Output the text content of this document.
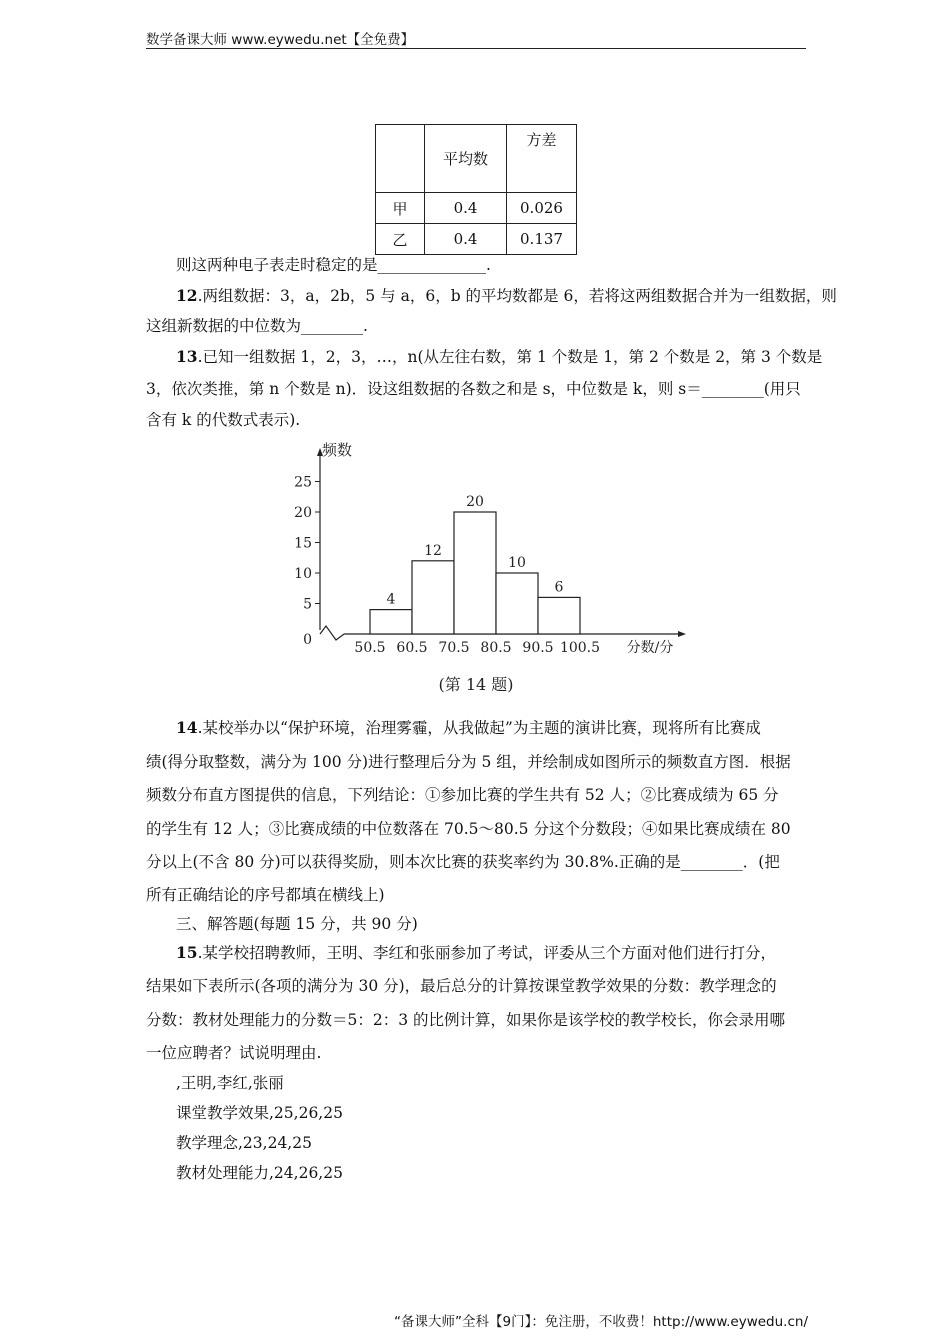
数学备课大师 www.eywedu.net【全免费】
	平均数	方差
甲	0.4	0.026
乙	0.4	0.137
则这两种电子表走时稳定的是______________.
12.两组数据：3，a，2b，5 与 a，6，b 的平均数都是 6，若将这两组数据合并为一组数据，则
这组新数据的中位数为________.
13.已知一组数据 1，2，3，…，n(从左往右数，第 1 个数是 1，第 2 个数是 2，第 3 个数是
3，依次类推，第 n 个数是 n)．设这组数据的各数之和是 s，中位数是 k，则 s＝________(用只
含有 k 的代数式表示).
频数
0
5
10
15
20
25
4
12
20
10
6
50.5 60.5 70.5 80.5 90.5 100.5 分数/分
(第 14 题)
14.某校举办以“保护环境，治理雾霾，从我做起”为主题的演讲比赛，现将所有比赛成
绩(得分取整数，满分为 100 分)进行整理后分为 5 组，并绘制成如图所示的频数直方图．根据
频数分布直方图提供的信息，下列结论：①参加比赛的学生共有 52 人；②比赛成绩为 65 分
的学生有 12 人；③比赛成绩的中位数落在 70.5～80.5 分这个分数段；④如果比赛成绩在 80
分以上(不含 80 分)可以获得奖励，则本次比赛的获奖率约为 30.8%.正确的是________．(把
所有正确结论的序号都填在横线上)
三、解答题(每题 15 分，共 90 分)
15.某学校招聘教师，王明、李红和张丽参加了考试，评委从三个方面对他们进行打分，
结果如下表所示(各项的满分为 30 分)，最后总分的计算按课堂教学效果的分数：教学理念的
分数：教材处理能力的分数＝5：2：3 的比例计算，如果你是该学校的教学校长，你会录用哪
一位应聘者？试说明理由.
,王明,李红,张丽
课堂教学效果,25,26,25
教学理念,23,24,25
教材处理能力,24,26,25
“备课大师”全科【9门】：免注册，不收费！http://www.eywedu.cn/
